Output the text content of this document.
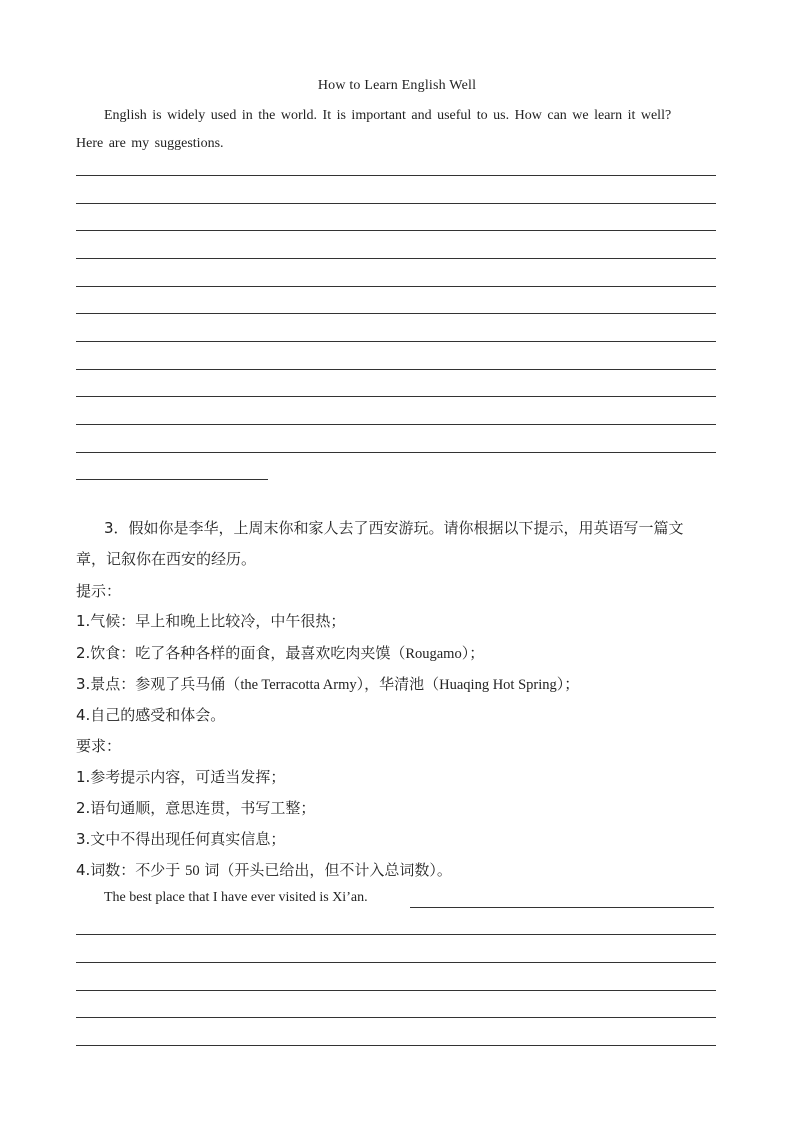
How to Learn English Well

English is widely used in the world. It is important and useful to us. How can we learn it well?

Here are my suggestions.
3．假如你是李华，上周末你和家人去了西安游玩。请你根据以下提示，用英语写一篇文
章，记叙你在西安的经历。
提示：
1.气候：早上和晚上比较冷，中午很热；
2.饮食：吃了各种各样的面食，最喜欢吃肉夹馍（Rougamo）；
3.景点：参观了兵马俑（the Terracotta Army），华清池（Huaqing Hot Spring）；
4.自己的感受和体会。
要求：
1.参考提示内容，可适当发挥；
2.语句通顺，意思连贯，书写工整；
3.文中不得出现任何真实信息；
4.词数：不少于 50 词（开头已给出，但不计入总词数）。
The best place that I have ever visited is Xi’an.
